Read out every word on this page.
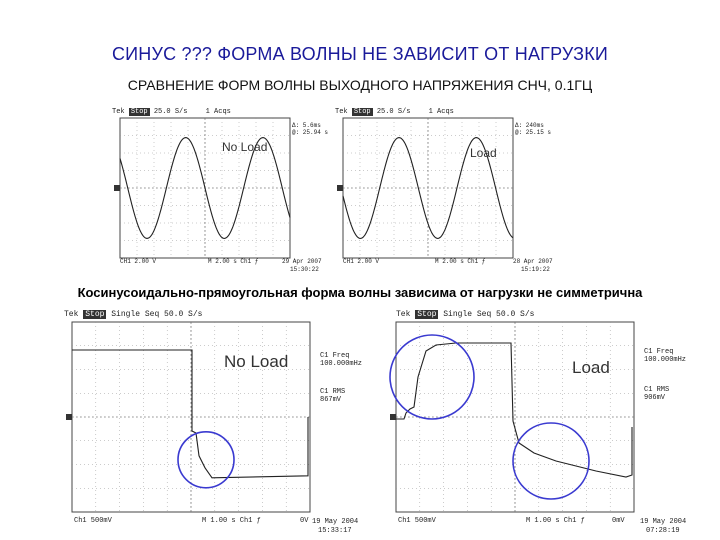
СИНУС ??? ФОРМА ВОЛНЫ НЕ ЗАВИСИТ ОТ НАГРУЗКИ
СРАВНЕНИЕ ФОРМ ВОЛНЫ ВЫХОДНОГО НАПРЯЖЕНИЯ СНЧ, 0.1ГЦ
Косинусоидально-прямоугольная форма волны зависима от нагрузки не симметрична
Tek Stop 25.0 S/s	1 Acqs
No Load
Δ: 5.6ms
@: 25.94 s
CH1 2.00 V	M 2.00 s Ch1 ƒ	29 Apr 2007
15:30:22
Tek Stop 25.0 S/s	1 Acqs
Load
Δ: 240ms
@: 25.15 s
CH1 2.00 V	M 2.00 s Ch1 ƒ	28 Apr 2007
15:19:22
Tek Stop Single Seq 50.0 S/s
No Load	C1 Freq
100.000mHz
C1 RMS
867mV
Ch1 500mV	M 1.00 s Ch1 ƒ	0V 19 May 2004
15:33:17
Tek Stop Single Seq 50.0 S/s
Load
C1 Freq
100.000mHz
C1 RMS
906mV
Ch1 500mV	M 1.00 s Ch1 ƒ	0mV 19 May 2004
07:28:19
